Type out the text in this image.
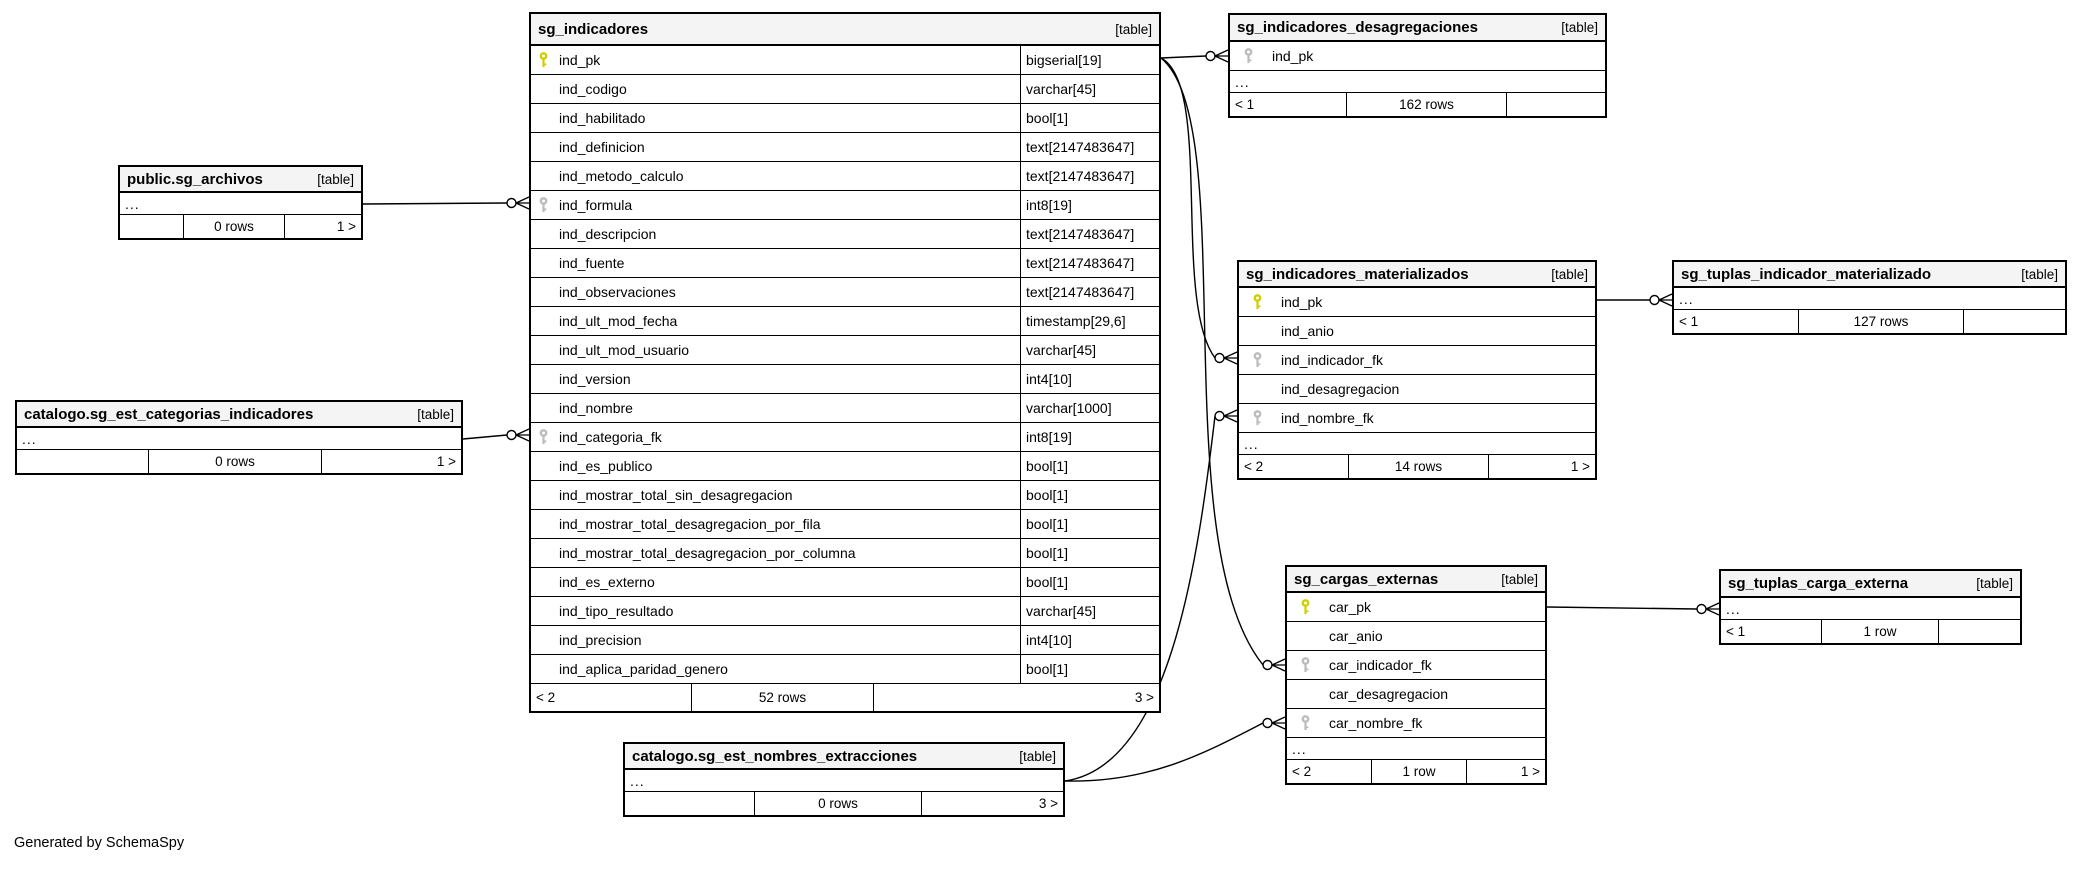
sg_indicadores	[table]
ind_pk	bigserial[19]
ind_codigo	varchar[45]
ind_habilitado	bool[1]
ind_definicion	text[2147483647]
ind_metodo_calculo	text[2147483647]
ind_formula	int8[19]
ind_descripcion	text[2147483647]
ind_fuente	text[2147483647]
ind_observaciones	text[2147483647]
ind_ult_mod_fecha	timestamp[29,6]
ind_ult_mod_usuario	varchar[45]
ind_version	int4[10]
ind_nombre	varchar[1000]
ind_categoria_fk	int8[19]
ind_es_publico	bool[1]
ind_mostrar_total_sin_desagregacion	bool[1]
ind_mostrar_total_desagregacion_por_fila	bool[1]
ind_mostrar_total_desagregacion_por_columna	bool[1]
ind_es_externo	bool[1]
ind_tipo_resultado	varchar[45]
ind_precision	int4[10]
ind_aplica_paridad_genero	bool[1]
< 2	52 rows	3 >
sg_indicadores_desagregaciones	[table]
ind_pk
...
< 1	162 rows
public.sg_archivos	[table]
...
0 rows	1 >
catalogo.sg_est_categorias_indicadores	[table]
...
0 rows	1 >
sg_indicadores_materializados	[table]
ind_pk
ind_anio
ind_indicador_fk
ind_desagregacion
ind_nombre_fk
...
< 2	14 rows	1 >
sg_tuplas_indicador_materializado	[table]
...
< 1	127 rows
sg_cargas_externas	[table]
car_pk
car_anio
car_indicador_fk
car_desagregacion
car_nombre_fk
...
< 2	1 row	1 >
sg_tuplas_carga_externa	[table]
...
< 1	1 row
catalogo.sg_est_nombres_extracciones	[table]
...
0 rows	3 >
Generated by SchemaSpy
